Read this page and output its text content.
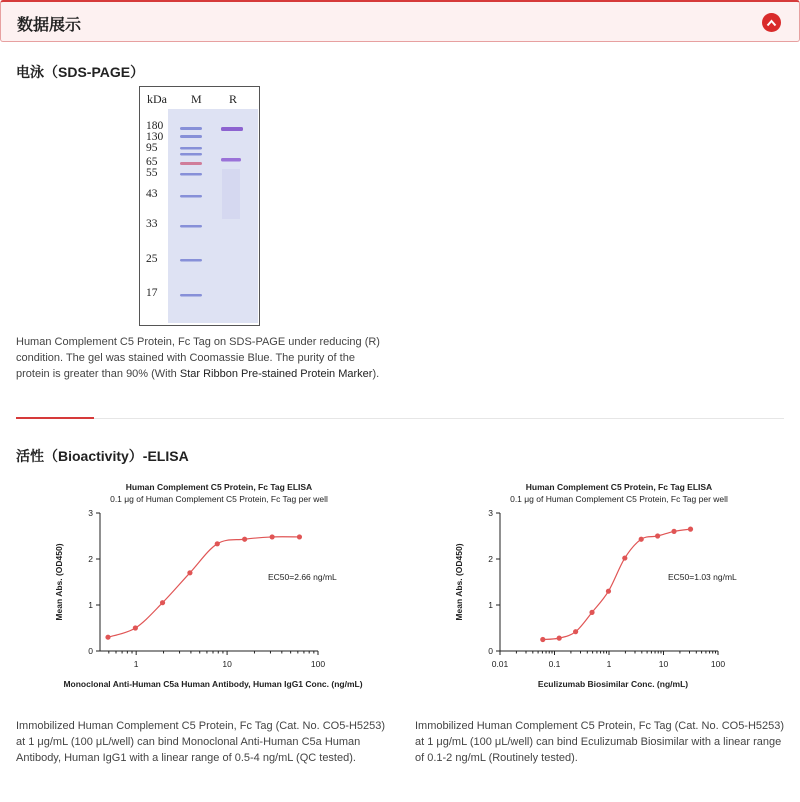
数据展示
电泳（SDS-PAGE）
kDa M R
180
130
95
65
55
43
33
25
17
Human Complement C5 Protein, Fc Tag on SDS-PAGE under reducing (R) condition. The gel was stained with Coomassie Blue. The purity of the protein is greater than 90% (With Star Ribbon Pre-stained Protein Marker).
活性（Bioactivity）-ELISA
Human Complement C5 Protein, Fc Tag ELISA
0.1 μg of Human Complement C5 Protein, Fc Tag per well
0
1
2
3
1	10	100
Mean Abs. (OD450)
Monoclonal Anti-Human C5a Human Antibody, Human IgG1 Conc. (ng/mL)
EC50=2.66 ng/mL
Human Complement C5 Protein, Fc Tag ELISA
0.1 μg of Human Complement C5 Protein, Fc Tag per well
0
1
2
3
0.01	0.1	1	10	100
Mean Abs. (OD450)
Eculizumab Biosimilar Conc. (ng/mL)
EC50=1.03 ng/mL
Immobilized Human Complement C5 Protein, Fc Tag (Cat. No. CO5-H5253) at 1 μg/mL (100 μL/well) can bind Monoclonal Anti-Human C5a Human Antibody, Human IgG1 with a linear range of 0.5-4 ng/mL (QC tested).
Immobilized Human Complement C5 Protein, Fc Tag (Cat. No. CO5-H5253) at 1 μg/mL (100 μL/well) can bind Eculizumab Biosimilar with a linear range of 0.1-2 ng/mL (Routinely tested).
